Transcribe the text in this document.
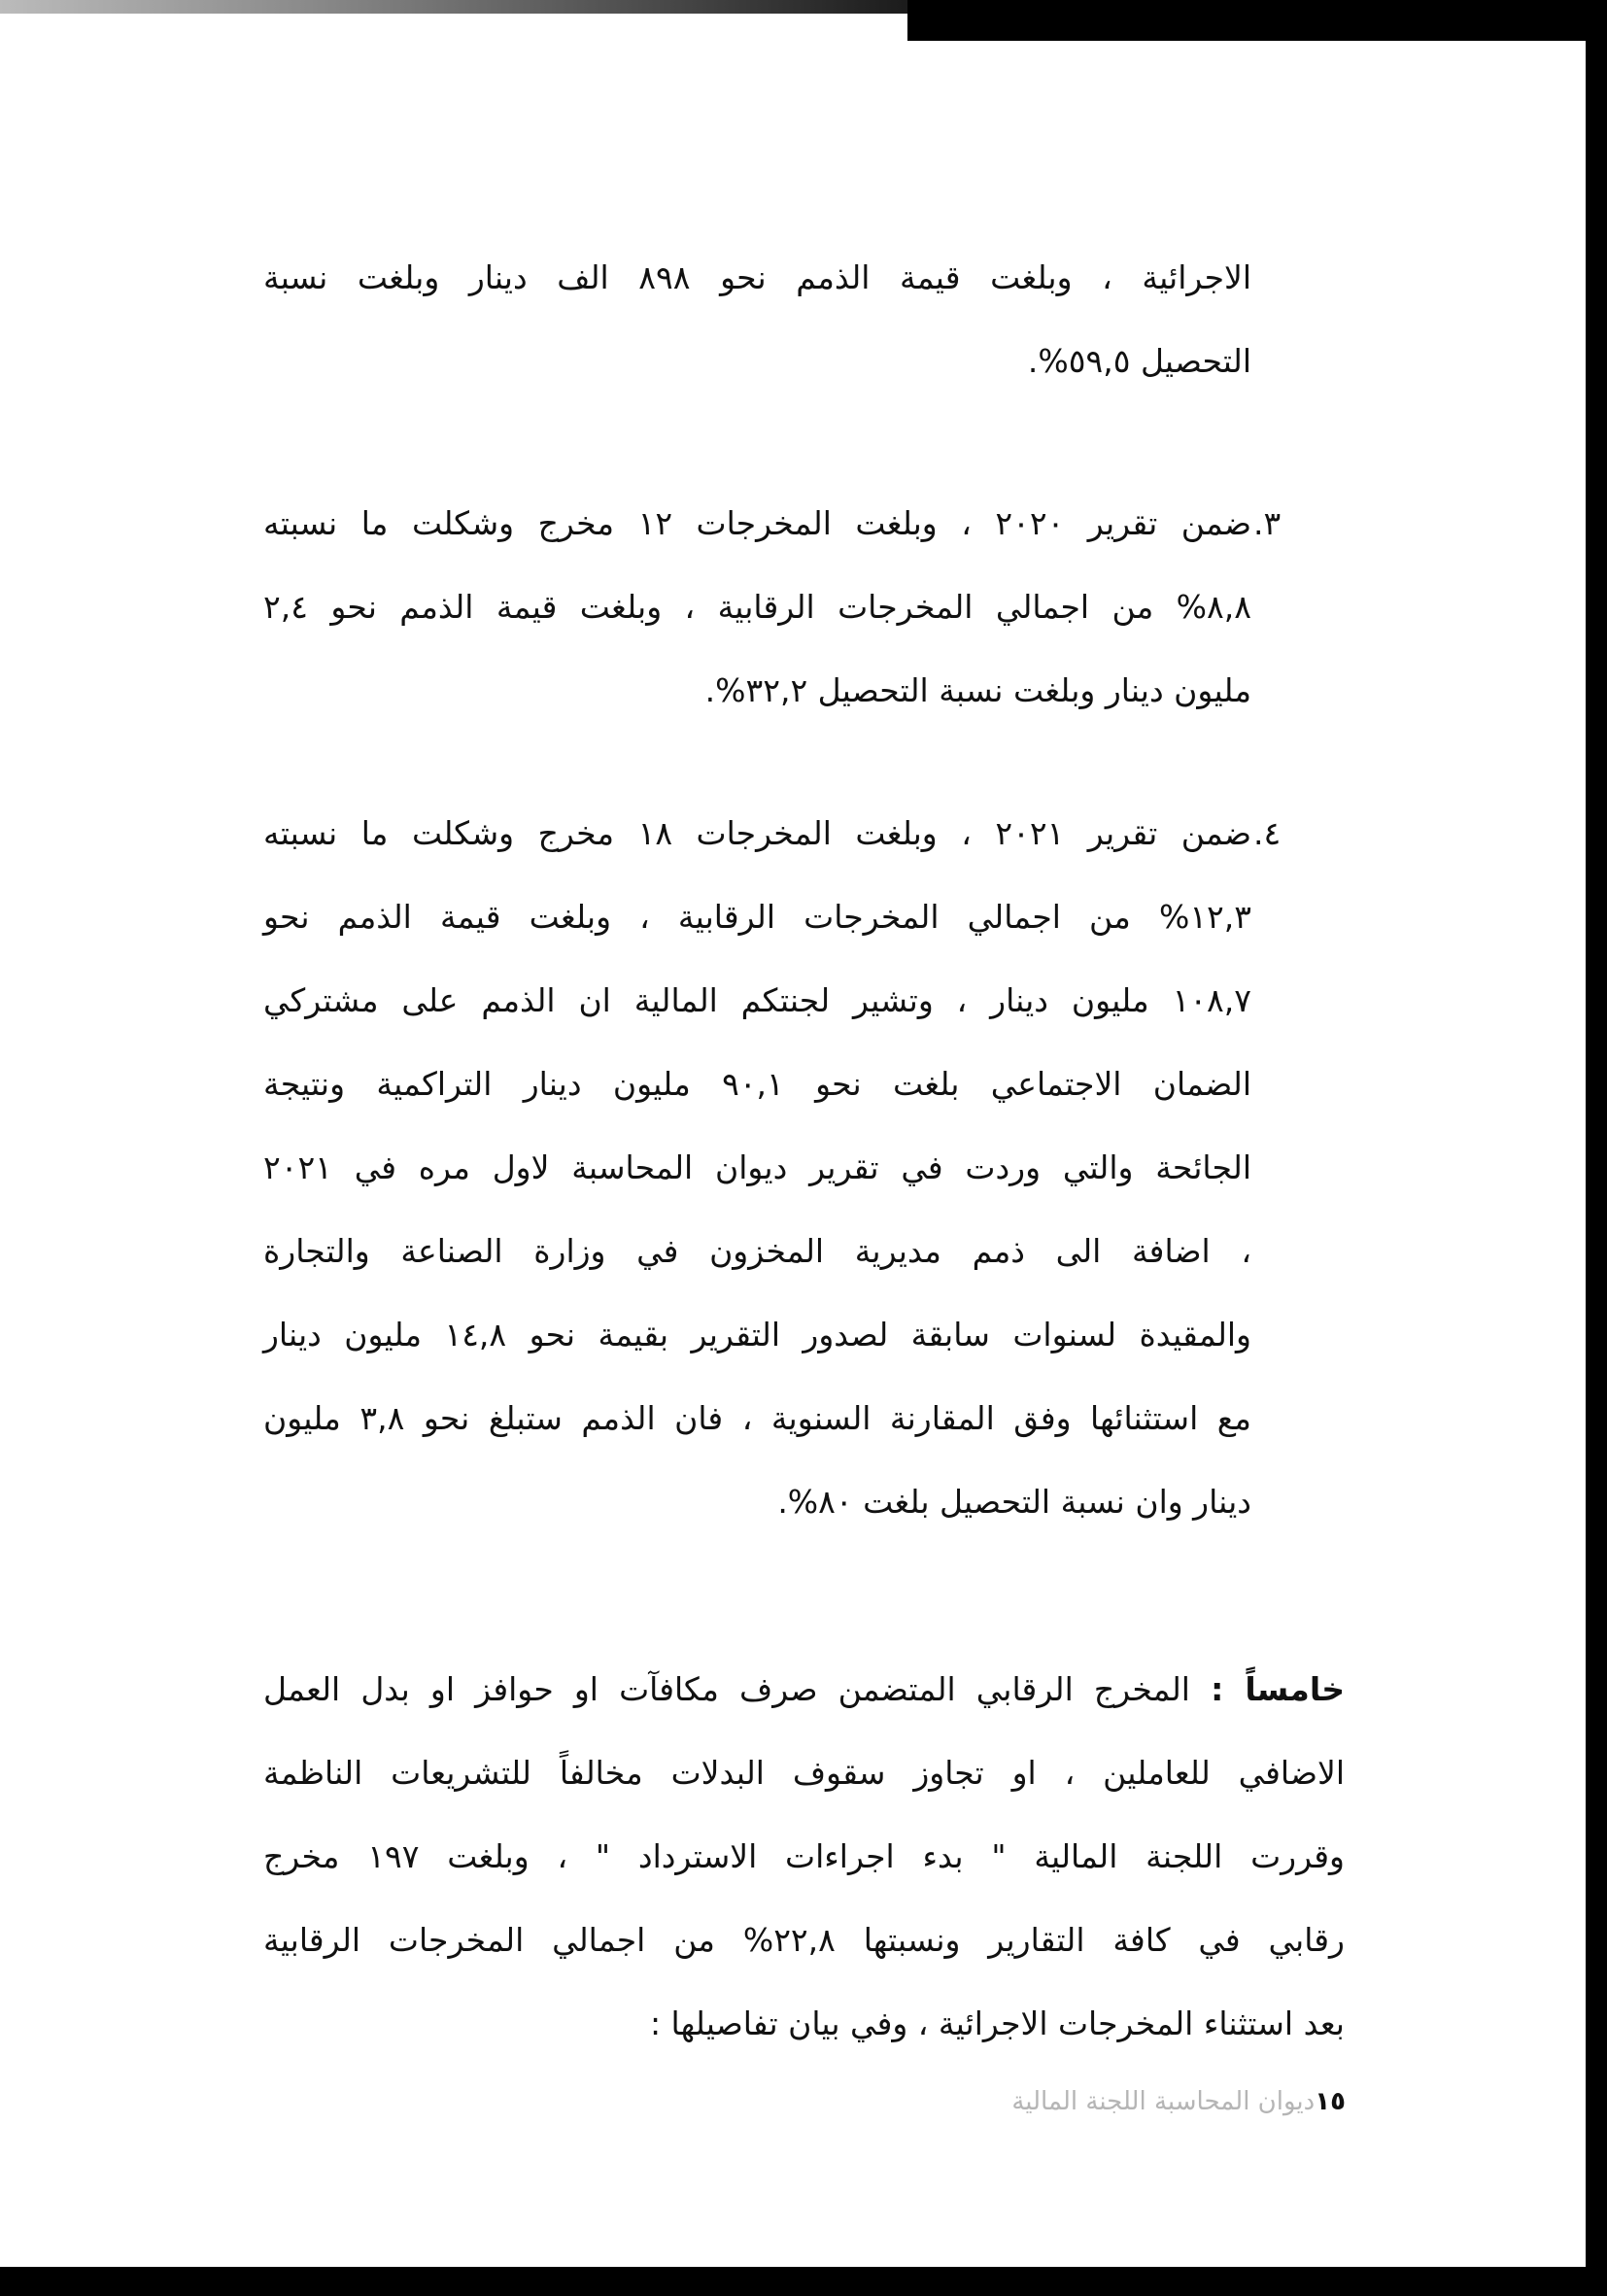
الاجرائية ، وبلغت قيمة الذمم نحو ٨٩٨ الف دينار وبلغت نسبة
التحصيل ٥٩,٥%.
٣.
ضمن تقرير ٢٠٢٠ ، وبلغت المخرجات ١٢ مخرج وشكلت ما نسبته
٨,٨% من اجمالي المخرجات الرقابية ، وبلغت قيمة الذمم نحو ٢,٤
مليون دينار وبلغت نسبة التحصيل ٣٢,٢%.
٤.
ضمن تقرير ٢٠٢١ ، وبلغت المخرجات ١٨ مخرج وشكلت ما نسبته
١٢,٣% من اجمالي المخرجات الرقابية ، وبلغت قيمة الذمم نحو
١٠٨,٧ مليون دينار ، وتشير لجنتكم المالية ان الذمم على مشتركي
الضمان الاجتماعي بلغت نحو ٩٠,١ مليون دينار التراكمية ونتيجة
الجائحة والتي وردت في تقرير ديوان المحاسبة لاول مره في ٢٠٢١
، اضافة الى ذمم مديرية المخزون في وزارة الصناعة والتجارة
والمقيدة لسنوات سابقة لصدور التقرير بقيمة نحو ١٤,٨ مليون دينار
مع استثنائها وفق المقارنة السنوية ، فان الذمم ستبلغ نحو ٣,٨ مليون
دينار وان نسبة التحصيل بلغت ٨٠%.
خامساً : المخرج الرقابي المتضمن صرف مكافآت او حوافز او بدل العمل
الاضافي للعاملين ، او تجاوز سقوف البدلات مخالفاً للتشريعات الناظمة
وقررت اللجنة المالية " بدء اجراءات الاسترداد " ، وبلغت ١٩٧ مخرج
رقابي في كافة التقارير ونسبتها ٢٢,٨% من اجمالي المخرجات الرقابية
بعد استثناء المخرجات الاجرائية ، وفي بيان تفاصيلها :
١٥ديوان المحاسبة اللجنة المالية
